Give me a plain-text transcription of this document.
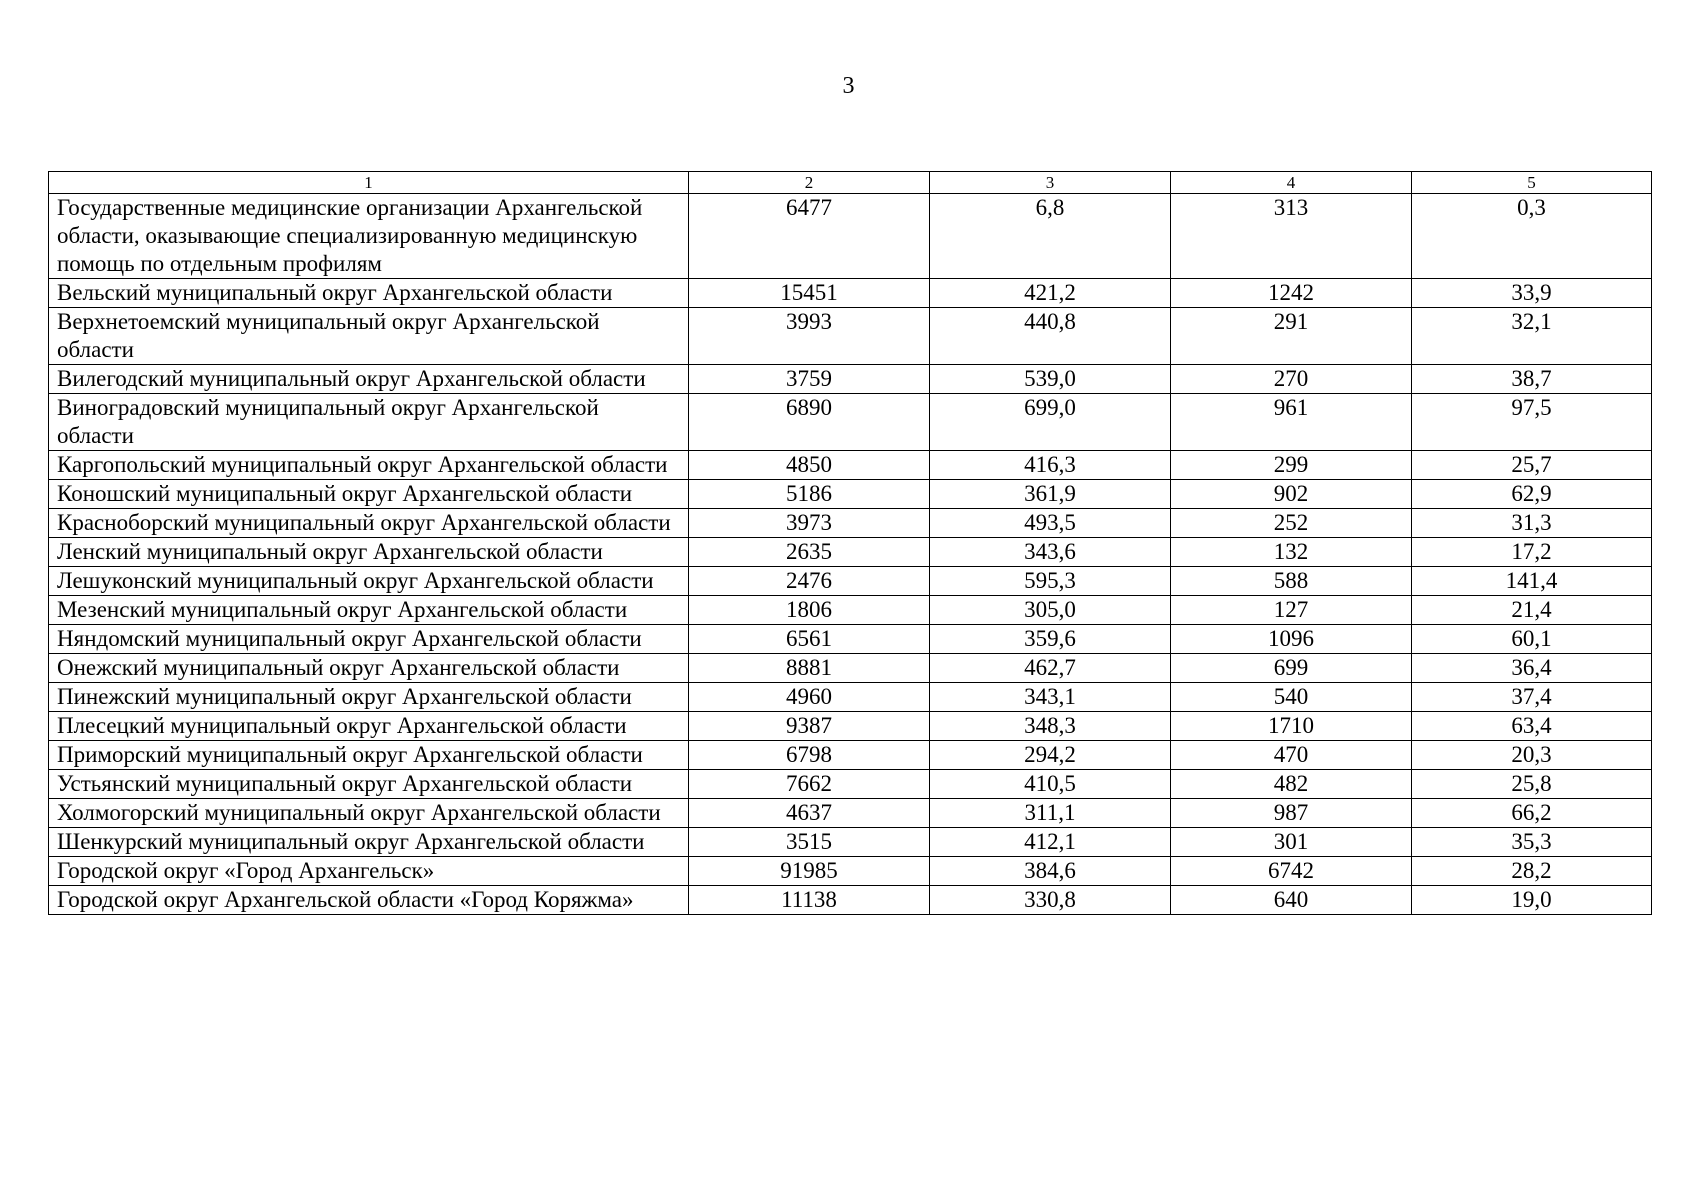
3
1	2	3	4	5
Государственные медицинские организации Архангельской области, оказывающие специализированную медицинскую помощь по отдельным профилям	6477	6,8	313	0,3
Вельский муниципальный округ Архангельской области	15451	421,2	1242	33,9
Верхнетоемский муниципальный округ Архангельской области	3993	440,8	291	32,1
Вилегодский муниципальный округ Архангельской области	3759	539,0	270	38,7
Виноградовский муниципальный округ Архангельской области	6890	699,0	961	97,5
Каргопольский муниципальный округ Архангельской области	4850	416,3	299	25,7
Коношский муниципальный округ Архангельской области	5186	361,9	902	62,9
Красноборский муниципальный округ Архангельской области	3973	493,5	252	31,3
Ленский муниципальный округ Архангельской области	2635	343,6	132	17,2
Лешуконский муниципальный округ Архангельской области	2476	595,3	588	141,4
Мезенский муниципальный округ Архангельской области	1806	305,0	127	21,4
Няндомский муниципальный округ Архангельской области	6561	359,6	1096	60,1
Онежский муниципальный округ Архангельской области	8881	462,7	699	36,4
Пинежский муниципальный округ Архангельской области	4960	343,1	540	37,4
Плесецкий муниципальный округ Архангельской области	9387	348,3	1710	63,4
Приморский муниципальный округ Архангельской области	6798	294,2	470	20,3
Устьянский муниципальный округ Архангельской области	7662	410,5	482	25,8
Холмогорский муниципальный округ Архангельской области	4637	311,1	987	66,2
Шенкурский муниципальный округ Архангельской области	3515	412,1	301	35,3
Городской округ «Город Архангельск»	91985	384,6	6742	28,2
Городской округ Архангельской области «Город Коряжма»	11138	330,8	640	19,0
